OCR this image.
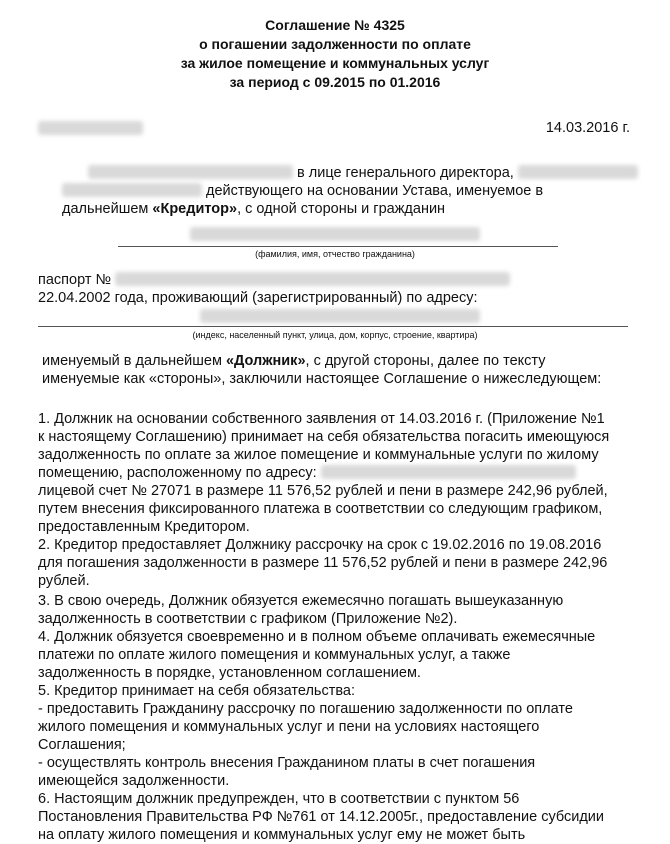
Соглашение № 4325
о погашении задолженности по оплате
за жилое помещение и коммунальных услуг
за период с 09.2015 по 01.2016
14.03.2016 г.
в лице генерального директора,
действующего на основании Устава, именуемое в
дальнейшем «Кредитор», с одной стороны и гражданин
(фамилия, имя, отчество гражданина)
паспорт №
22.04.2002 года, проживающий (зарегистрированный) по адресу:
(индекс, населенный пункт, улица, дом, корпус, строение, квартира)
именуемый в дальнейшем «Должник», с другой стороны, далее по тексту
именуемые как «стороны», заключили настоящее Соглашение о нижеследующем:
1. Должник на основании собственного заявления от 14.03.2016 г. (Приложение №1
к настоящему Соглашению) принимает на себя обязательства погасить имеющуюся
задолженность по оплате за жилое помещение и коммунальные услуги по жилому
помещению, расположенному по адресу:
лицевой счет № 27071 в размере 11 576,52 рублей и пени в размере 242,96 рублей,
путем внесения фиксированного платежа в соответствии со следующим графиком,
предоставленным Кредитором.
2. Кредитор предоставляет Должнику рассрочку на срок с 19.02.2016 по 19.08.2016
для погашения задолженности в размере 11 576,52 рублей и пени в размере 242,96
рублей.
3. В свою очередь, Должник обязуется ежемесячно погашать вышеуказанную
задолженность в соответствии с графиком (Приложение №2).
4. Должник обязуется своевременно и в полном объеме оплачивать ежемесячные
платежи по оплате жилого помещения и коммунальных услуг, а также
задолженность в порядке, установленном соглашением.
5. Кредитор принимает на себя обязательства:
- предоставить Гражданину рассрочку по погашению задолженности по оплате
жилого помещения и коммунальных услуг и пени на условиях настоящего
Соглашения;
- осуществлять контроль внесения Гражданином платы в счет погашения
имеющейся задолженности.
6. Настоящим должник предупрежден, что в соответствии с пунктом 56
Постановления Правительства РФ №761 от 14.12.2005г., предоставление субсидии
на оплату жилого помещения и коммунальных услуг ему не может быть
